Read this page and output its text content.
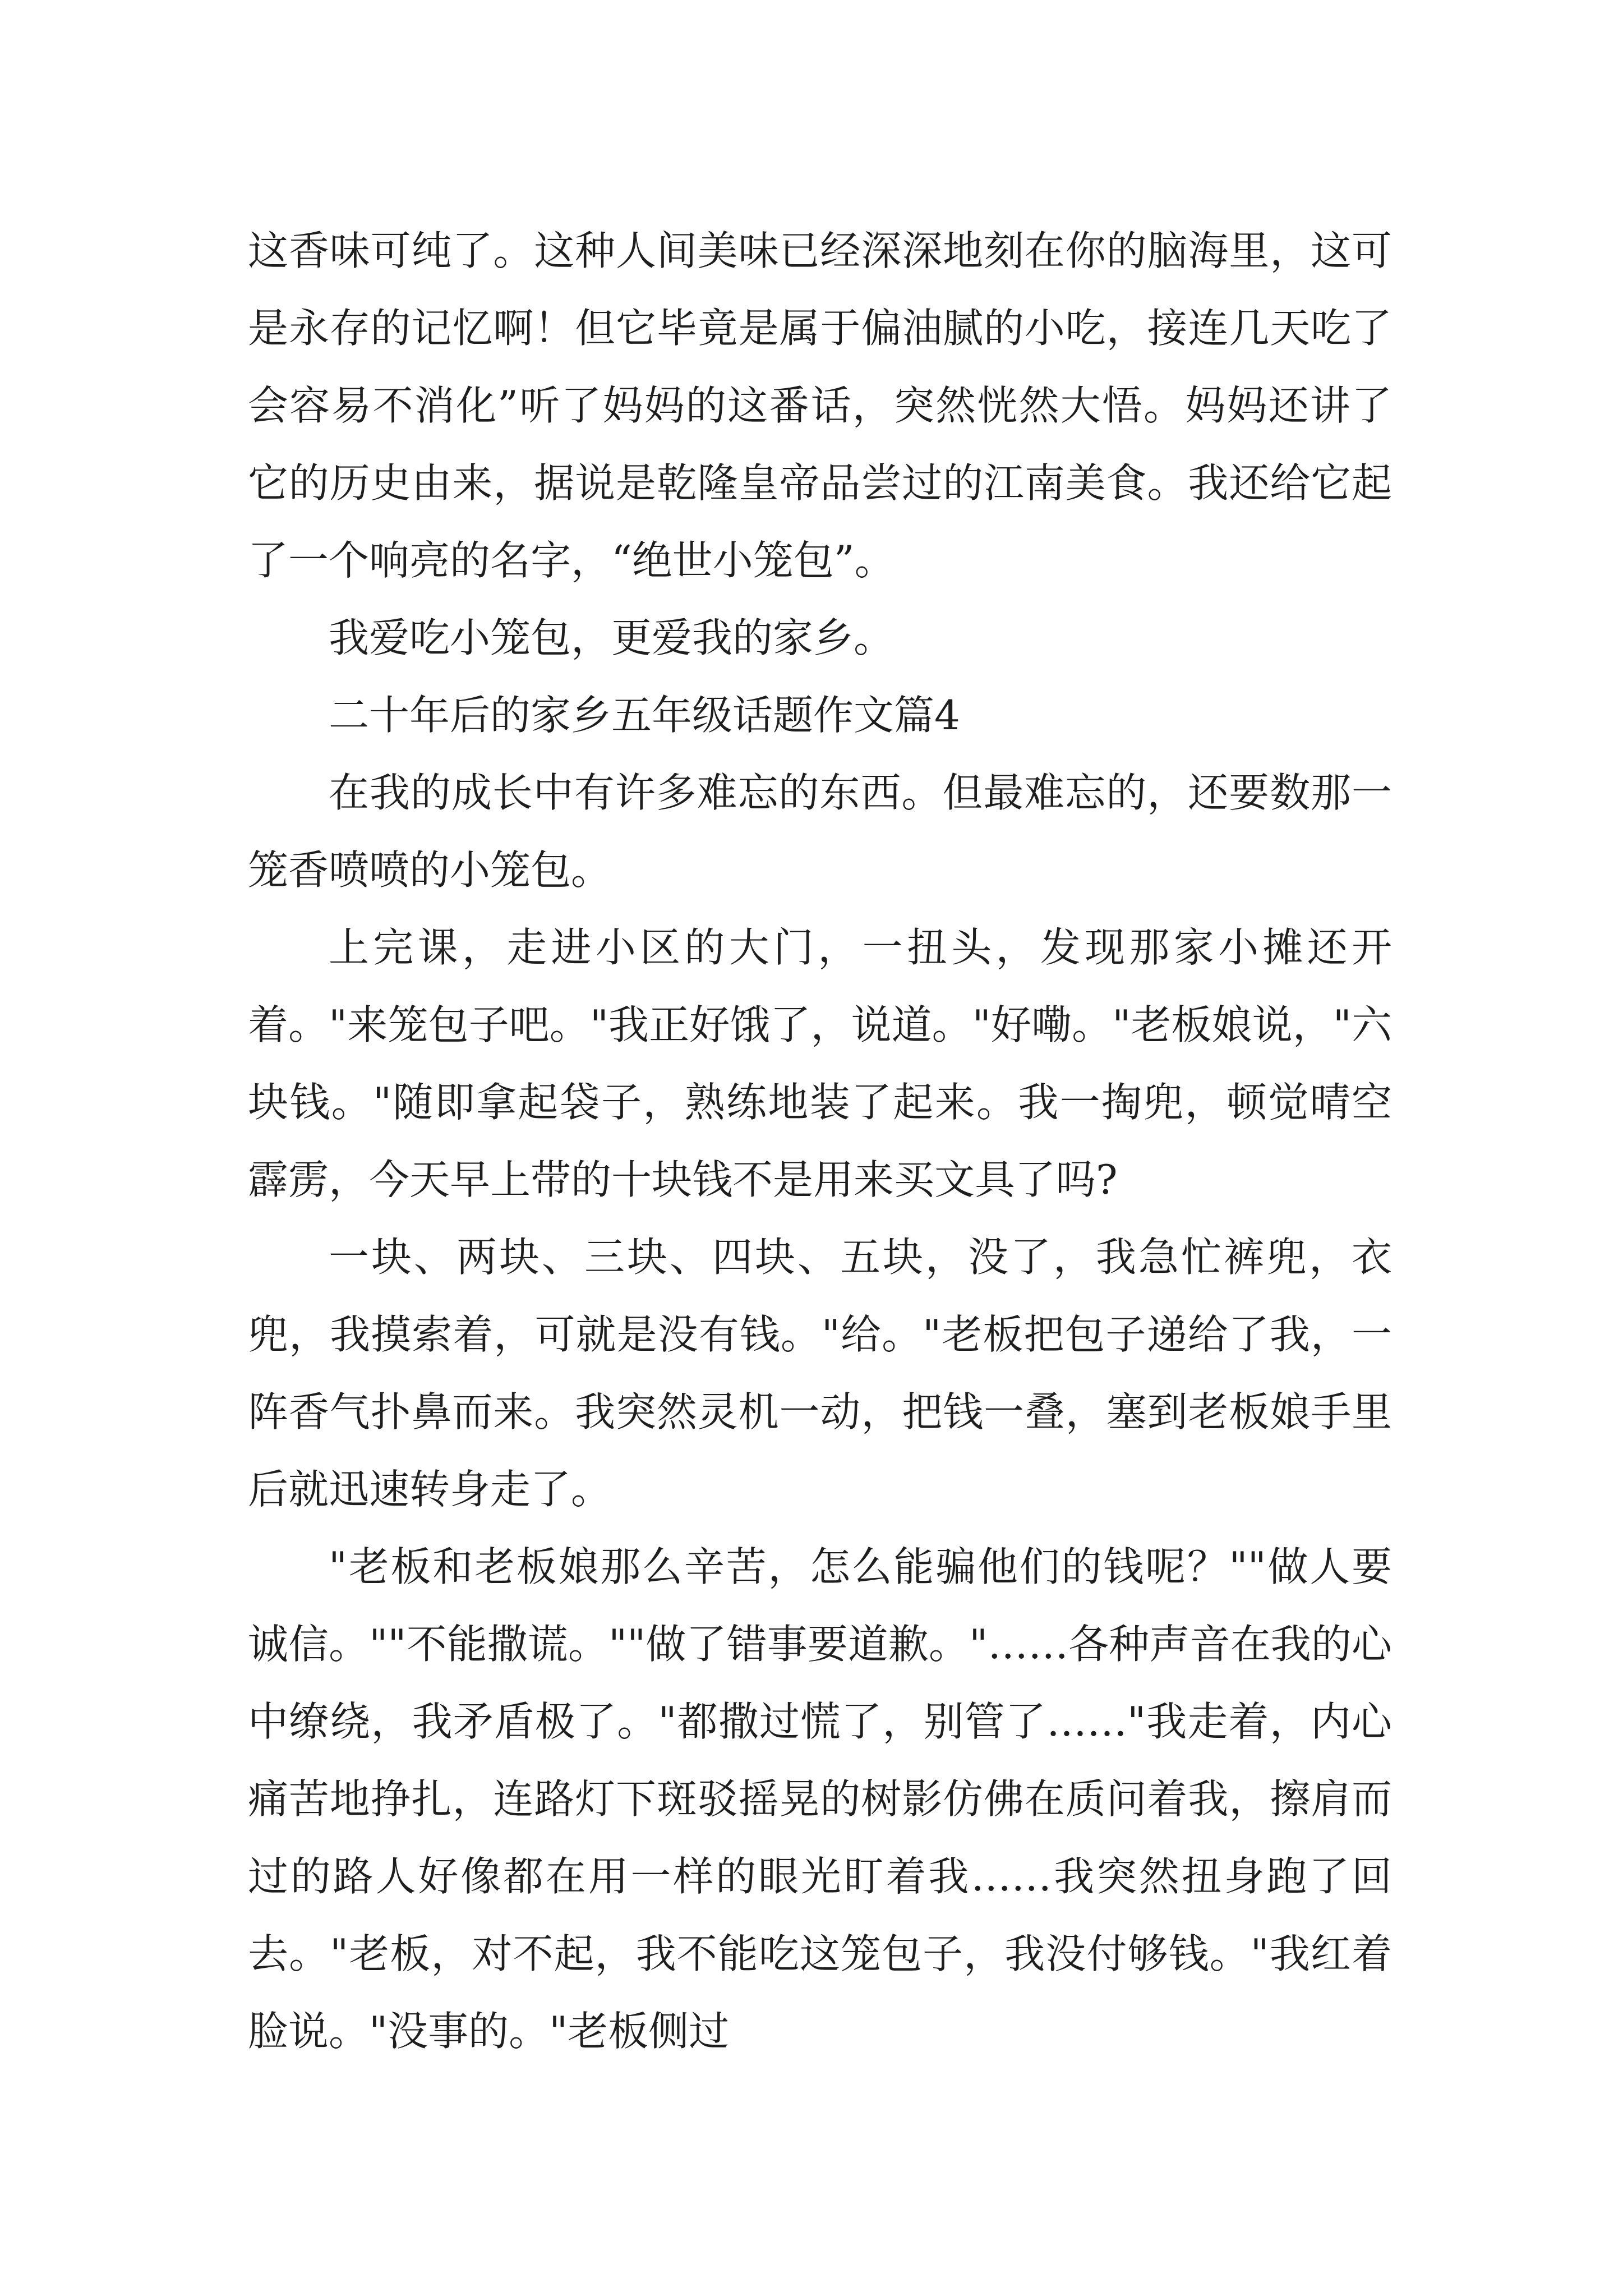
这香味可纯了。这种人间美味已经深深地刻在你的脑海里，这可是永存的记忆啊！但它毕竟是属于偏油腻的小吃，接连几天吃了会容易不消化”听了妈妈的这番话，突然恍然大悟。妈妈还讲了它的历史由来，据说是乾隆皇帝品尝过的江南美食。我还给它起了一个响亮的名字，“绝世小笼包”。

我爱吃小笼包，更爱我的家乡。

二十年后的家乡五年级话题作文篇4

在我的成长中有许多难忘的东西。但最难忘的，还要数那一笼香喷喷的小笼包。

上完课，走进小区的大门，一扭头，发现那家小摊还开着。"来笼包子吧。"我正好饿了，说道。"好嘞。"老板娘说，"六块钱。"随即拿起袋子，熟练地装了起来。我一掏兜，顿觉晴空霹雳，今天早上带的十块钱不是用来买文具了吗?

一块、两块、三块、四块、五块，没了，我急忙裤兜，衣兜，我摸索着，可就是没有钱。"给。"老板把包子递给了我，一阵香气扑鼻而来。我突然灵机一动，把钱一叠，塞到老板娘手里后就迅速转身走了。

"老板和老板娘那么辛苦，怎么能骗他们的钱呢？""做人要诚信。""不能撒谎。""做了错事要道歉。"……各种声音在我的心中缭绕，我矛盾极了。"都撒过慌了，别管了……"我走着，内心痛苦地挣扎，连路灯下斑驳摇晃的树影仿佛在质问着我，擦肩而过的路人好像都在用一样的眼光盯着我……我突然扭身跑了回去。"老板，对不起，我不能吃这笼包子，我没付够钱。"我红着脸说。"没事的。"老板侧过
